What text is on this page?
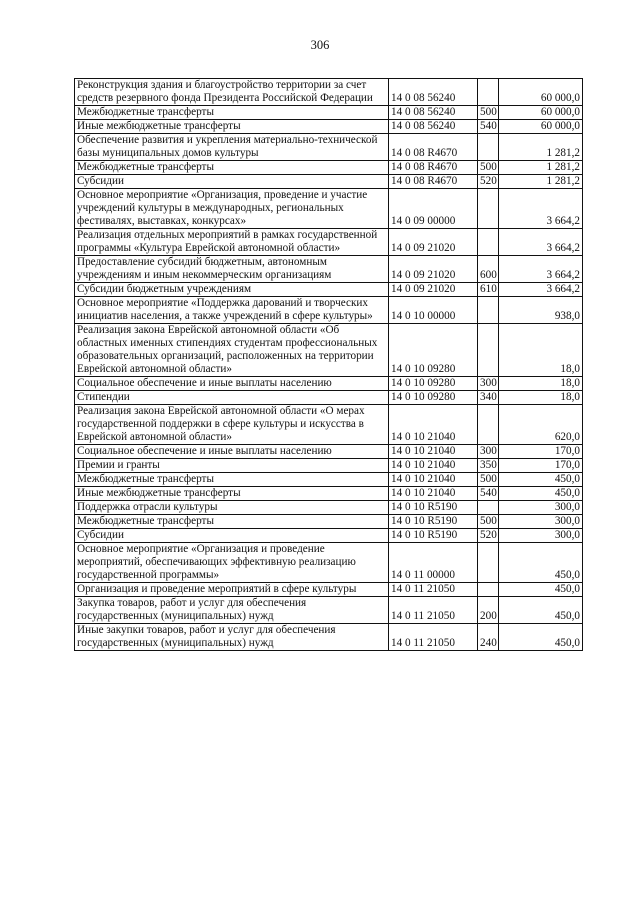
306
Реконструкция здания и благоустройство территории за счет средств резервного фонда Президента Российской Федерации	14 0 08 56240		60 000,0
Межбюджетные трансферты	14 0 08 56240	500	60 000,0
Иные межбюджетные трансферты	14 0 08 56240	540	60 000,0
Обеспечение развития и укрепления материально-технической базы муниципальных домов культуры	14 0 08 R4670		1 281,2
Межбюджетные трансферты	14 0 08 R4670	500	1 281,2
Субсидии	14 0 08 R4670	520	1 281,2
Основное мероприятие «Организация, проведение и участие учреждений культуры в международных, региональных фестивалях, выставках, конкурсах»	14 0 09 00000		3 664,2
Реализация отдельных мероприятий в рамках государственной программы «Культура Еврейской автономной области»	14 0 09 21020		3 664,2
Предоставление субсидий бюджетным, автономным учреждениям и иным некоммерческим организациям	14 0 09 21020	600	3 664,2
Субсидии бюджетным учреждениям	14 0 09 21020	610	3 664,2
Основное мероприятие «Поддержка дарований и творческих инициатив населения, а также учреждений в сфере культуры»	14 0 10 00000		938,0
Реализация закона Еврейской автономной области «Об областных именных стипендиях студентам профессиональных образовательных организаций, расположенных на территории Еврейской автономной области»	14 0 10 09280		18,0
Социальное обеспечение и иные выплаты населению	14 0 10 09280	300	18,0
Стипендии	14 0 10 09280	340	18,0
Реализация закона Еврейской автономной области «О мерах государственной поддержки в сфере культуры и искусства в Еврейской автономной области»	14 0 10 21040		620,0
Социальное обеспечение и иные выплаты населению	14 0 10 21040	300	170,0
Премии и гранты	14 0 10 21040	350	170,0
Межбюджетные трансферты	14 0 10 21040	500	450,0
Иные межбюджетные трансферты	14 0 10 21040	540	450,0
Поддержка отрасли культуры	14 0 10 R5190		300,0
Межбюджетные трансферты	14 0 10 R5190	500	300,0
Субсидии	14 0 10 R5190	520	300,0
Основное мероприятие «Организация и проведение мероприятий, обеспечивающих эффективную реализацию государственной программы»	14 0 11 00000		450,0
Организация и проведение мероприятий в сфере культуры	14 0 11 21050		450,0
Закупка товаров, работ и услуг для обеспечения государственных (муниципальных) нужд	14 0 11 21050	200	450,0
Иные закупки товаров, работ и услуг для обеспечения государственных (муниципальных) нужд	14 0 11 21050	240	450,0
